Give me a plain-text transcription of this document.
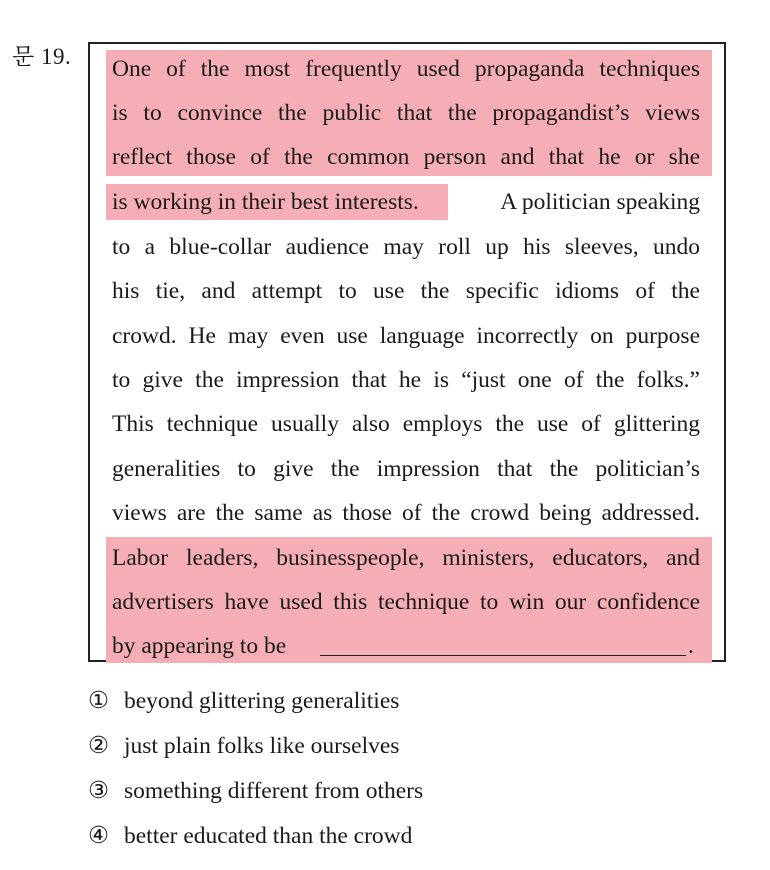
문 19. One of the most frequently used propaganda techniques
is to convince the public that the propagandist’s views
reflect those of the common person and that he or she
is working in their best interests.	A politician speaking
to a blue-collar audience may roll up his sleeves, undo
his tie, and attempt to use the specific idioms of the
crowd. He may even use language incorrectly on purpose
to give the impression that he is “just one of the folks.”
This technique usually also employs the use of glittering
generalities to give the impression that the politician’s
views are the same as those of the crowd being addressed.
Labor leaders, businesspeople, ministers, educators, and
advertisers have used this technique to win our confidence
by appearing to be	.
① beyond glittering generalities
② just plain folks like ourselves
③ something different from others
④ better educated than the crowd
